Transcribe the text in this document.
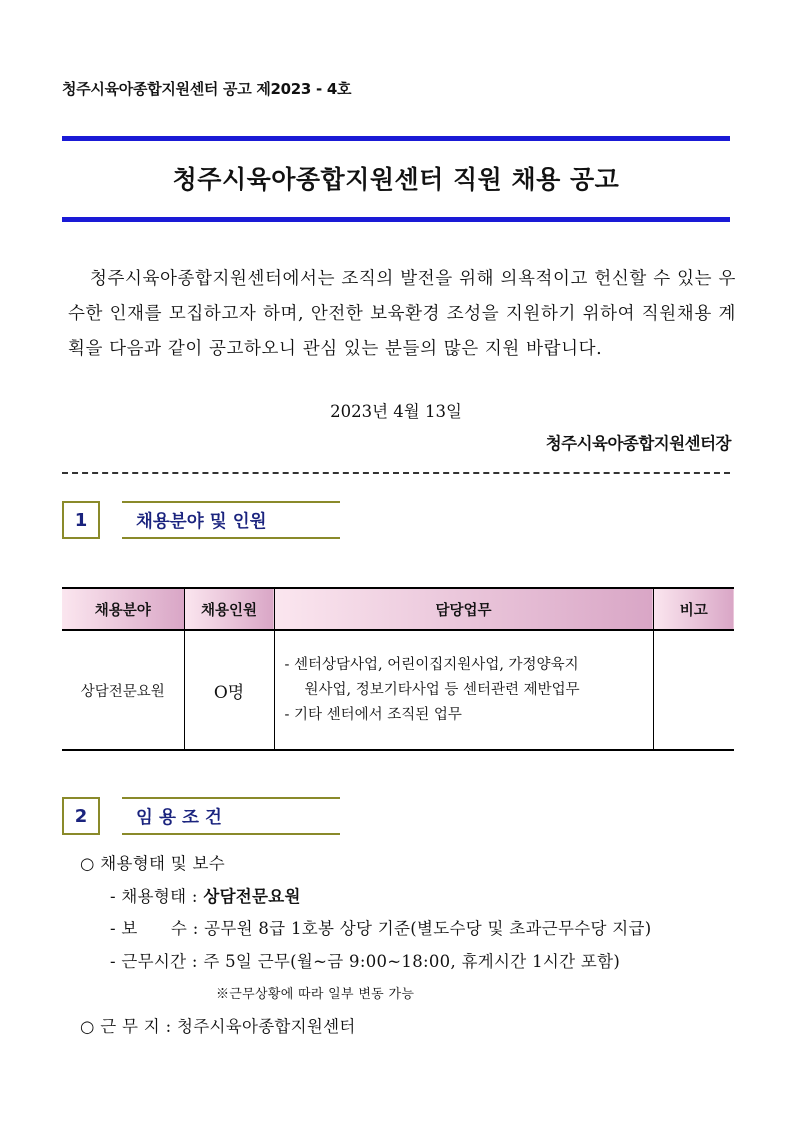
청주시육아종합지원센터 공고 제2023 - 4호
청주시육아종합지원센터 직원 채용 공고
청주시육아종합지원센터에서는 조직의 발전을 위해 의욕적이고 헌신할 수 있는 우수한 인재를 모집하고자 하며, 안전한 보육환경 조성을 지원하기 위하여 직원채용 계획을 다음과 같이 공고하오니 관심 있는 분들의 많은 지원 바랍니다.
2023년 4월 13일
청주시육아종합지원센터장
1	채용분야 및 인원
채용분야	채용인원	담당업무	비고
상담전문요원	O명	- 센터상담사업, 어린이집지원사업, 가정양육지
원사업, 정보기타사업 등 센터관련 제반업무
- 기타 센터에서 조직된 업무	

2	임 용 조 건
○ 채용형태 및 보수
- 채용형태 : 상담전문요원
- 보      수 : 공무원 8급 1호봉 상당 기준(별도수당 및 초과근무수당 지급)
- 근무시간 : 주 5일 근무(월~금 9:00~18:00, 휴게시간 1시간 포함)
※근무상황에 따라 일부 변동 가능
○ 근 무 지 : 청주시육아종합지원센터
